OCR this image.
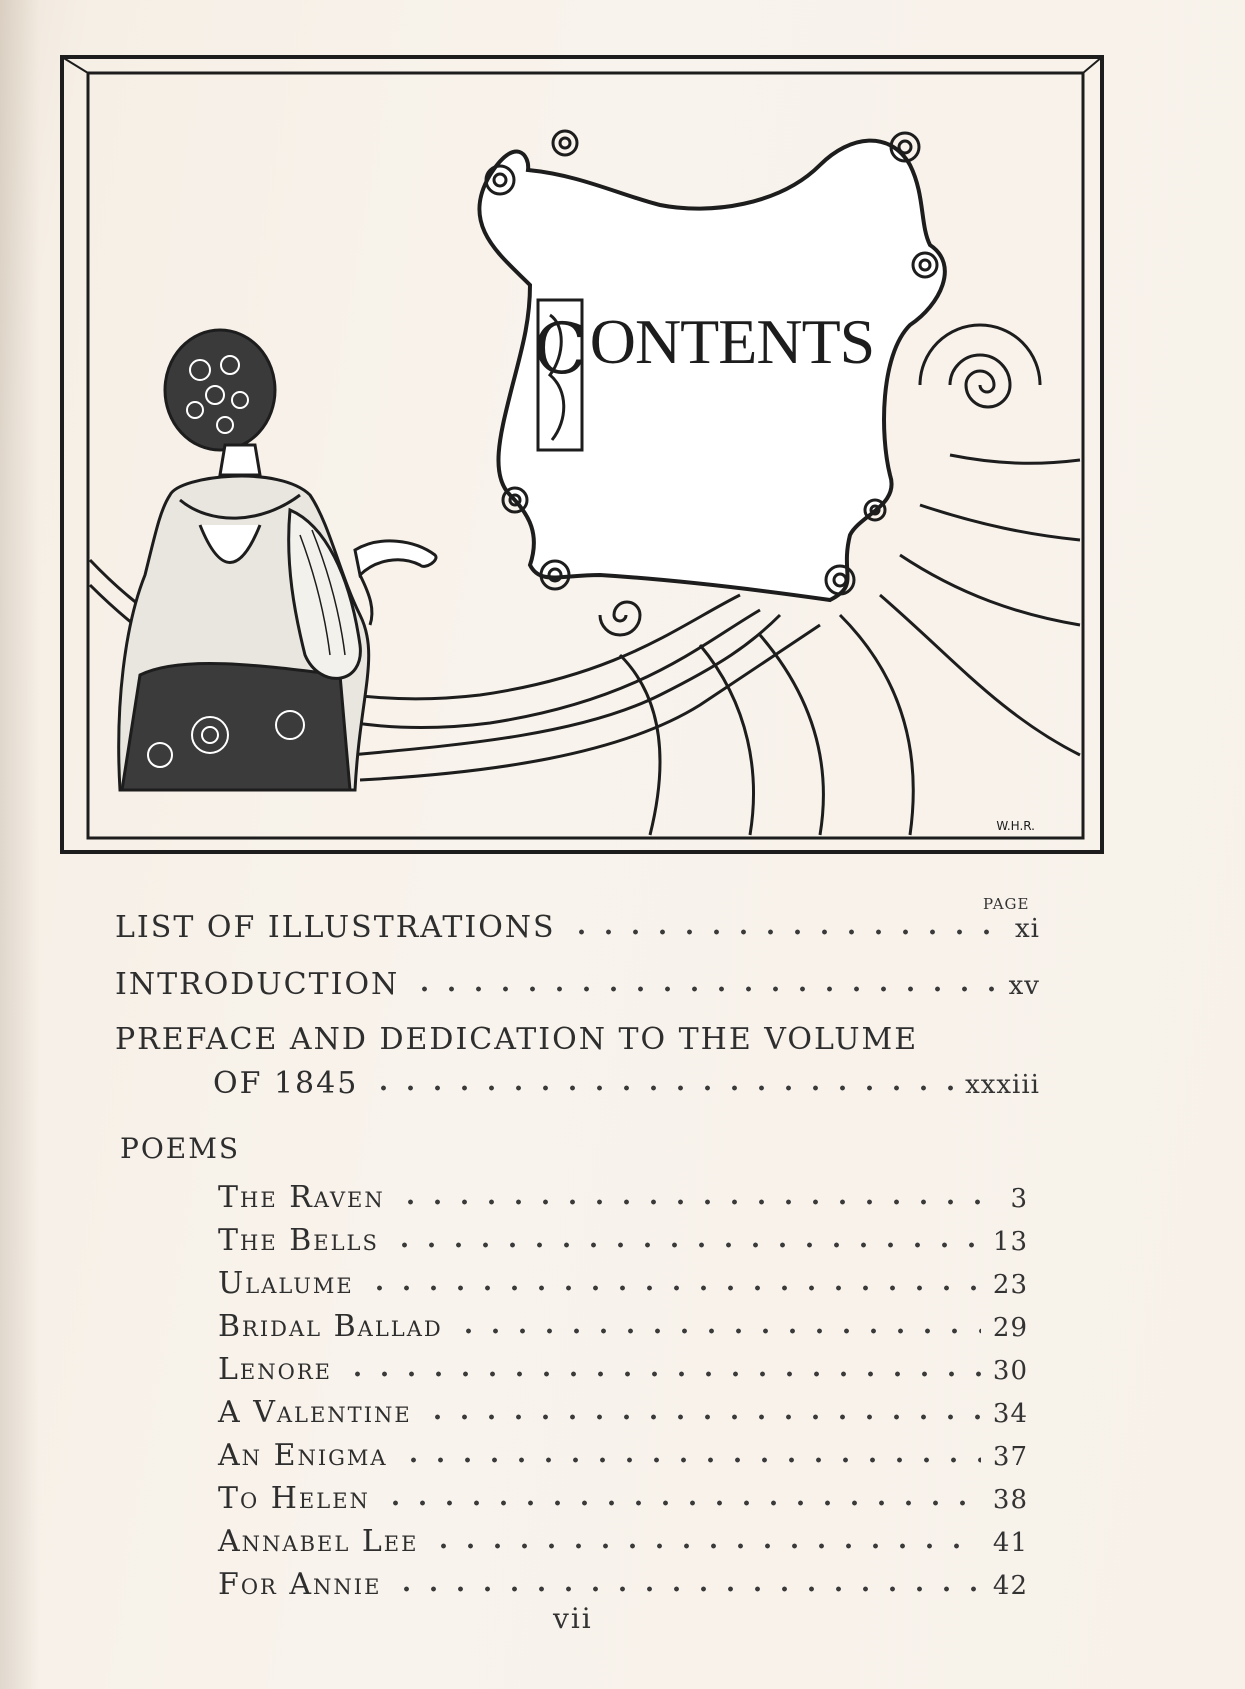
C ONTENTS
W.H.R.
PAGE
LIST OF ILLUSTRATIONS	xi
INTRODUCTION	xv
PREFACE AND DEDICATION TO THE VOLUME
OF 1845	xxxiii
POEMS
The Raven	3
The Bells	13
Ulalume	23
Bridal Ballad	29
Lenore	30
A Valentine	34
An Enigma	37
To Helen	38
Annabel Lee	41
For Annie	42
vii
